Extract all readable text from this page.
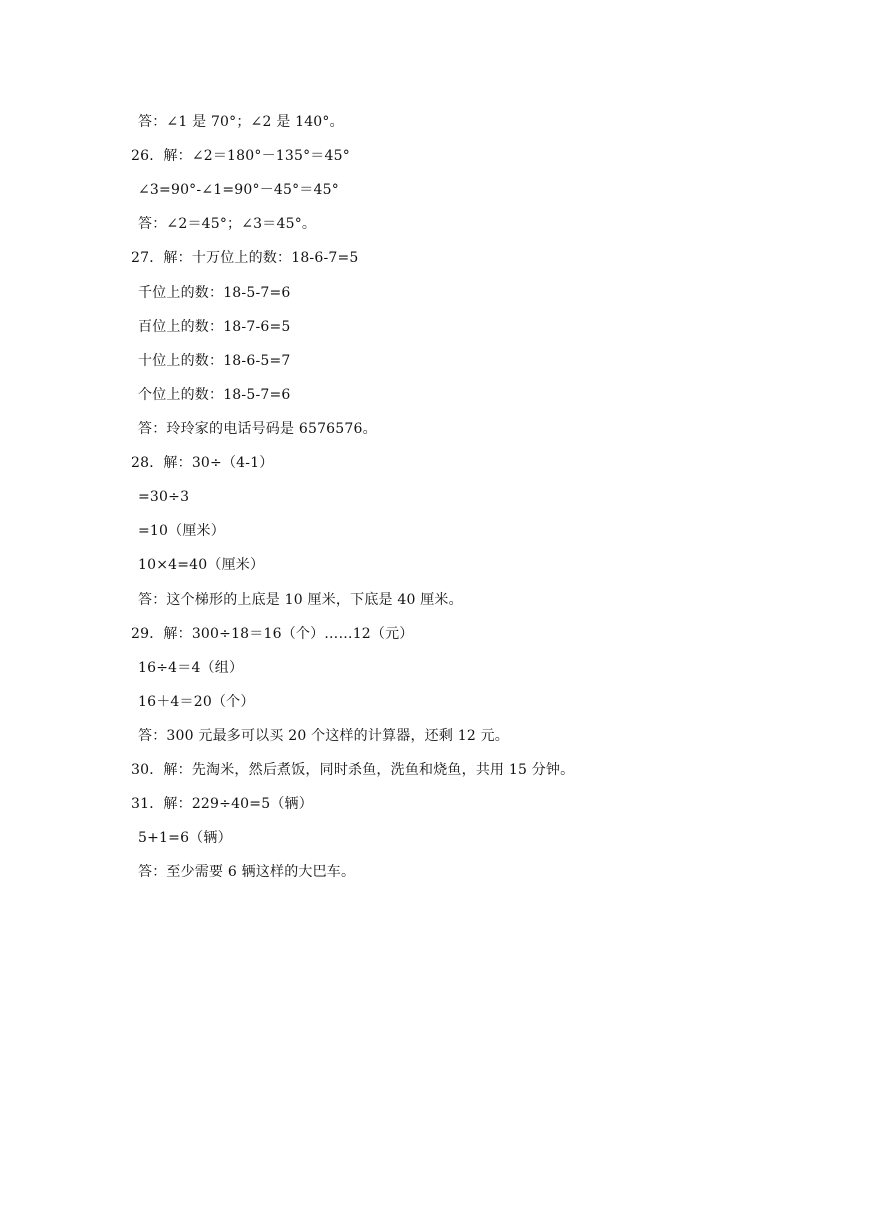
答：∠1 是 70°；∠2 是 140°。
26．解：∠2＝180°－135°＝45°
∠3=90°-∠1=90°－45°＝45°
答：∠2＝45°；∠3＝45°。
27．解：十万位上的数：18-6-7=5
千位上的数：18-5-7=6
百位上的数：18-7-6=5
十位上的数：18-6-5=7
个位上的数：18-5-7=6
答：玲玲家的电话号码是 6576576。
28．解：30÷（4-1）
=30÷3
=10（厘米）
10×4=40（厘米）
答：这个梯形的上底是 10 厘米，下底是 40 厘米。
29．解：300÷18＝16（个）……12（元）
16÷4＝4（组）
16＋4＝20（个）
答：300 元最多可以买 20 个这样的计算器，还剩 12 元。
30．解：先淘米，然后煮饭，同时杀鱼，洗鱼和烧鱼，共用 15 分钟。
31．解：229÷40=5（辆）
5+1=6（辆）
答：至少需要 6 辆这样的大巴车。
